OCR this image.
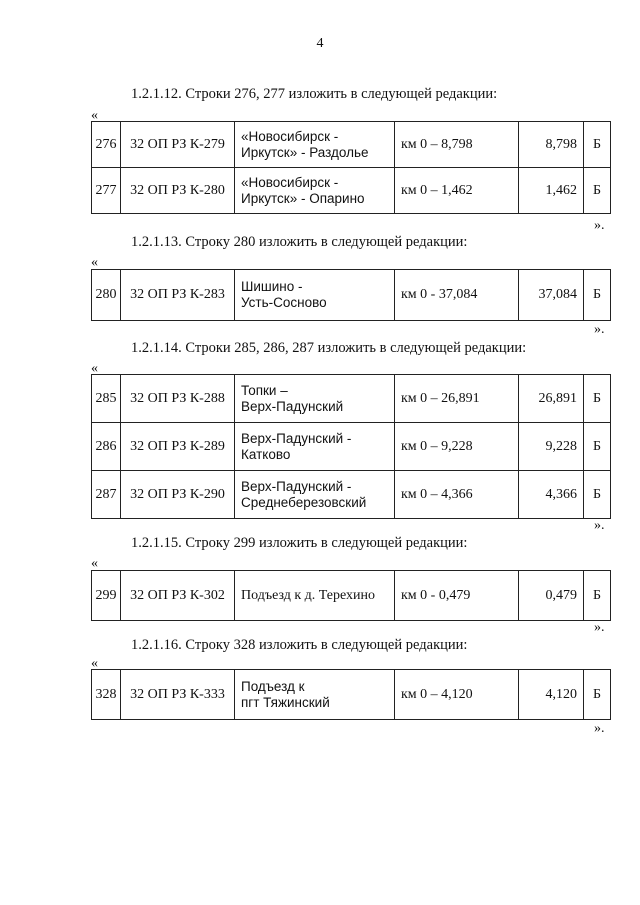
4
1.2.1.12. Строки 276, 277 изложить в следующей редакции:
«
276	32 ОП РЗ К-279	«Новосибирск -
Иркутск» - Раздолье	км 0 – 8,798	8,798	Б
277	32 ОП РЗ К-280	«Новосибирск -
Иркутск» - Опарино	км 0 – 1,462	1,462	Б
».
1.2.1.13. Строку 280 изложить в следующей редакции:
«
280	32 ОП РЗ К-283	
Шишино -
Усть-Сосново
	км 0 - 37,084	37,084	Б
».
1.2.1.14. Строки 285, 286, 287 изложить в следующей редакции:
«
285	32 ОП РЗ К-288	Топки –
Верх-Падунский	км 0 – 26,891	26,891	Б
286	32 ОП РЗ К-289	Верх-Падунский -
Катково	км 0 – 9,228	9,228	Б
287	32 ОП РЗ К-290	Верх-Падунский -
Среднеберезовский	км 0 – 4,366	4,366	Б
».
1.2.1.15. Строку 299 изложить в следующей редакции:
«
299	32 ОП РЗ К-302	Подъезд к д. Терехино	км 0 - 0,479	0,479	Б
».
1.2.1.16. Строку 328 изложить в следующей редакции:
«
328	32 ОП РЗ К-333	
Подъезд к
пгт Тяжинский
	км 0 – 4,120	4,120	Б
».
